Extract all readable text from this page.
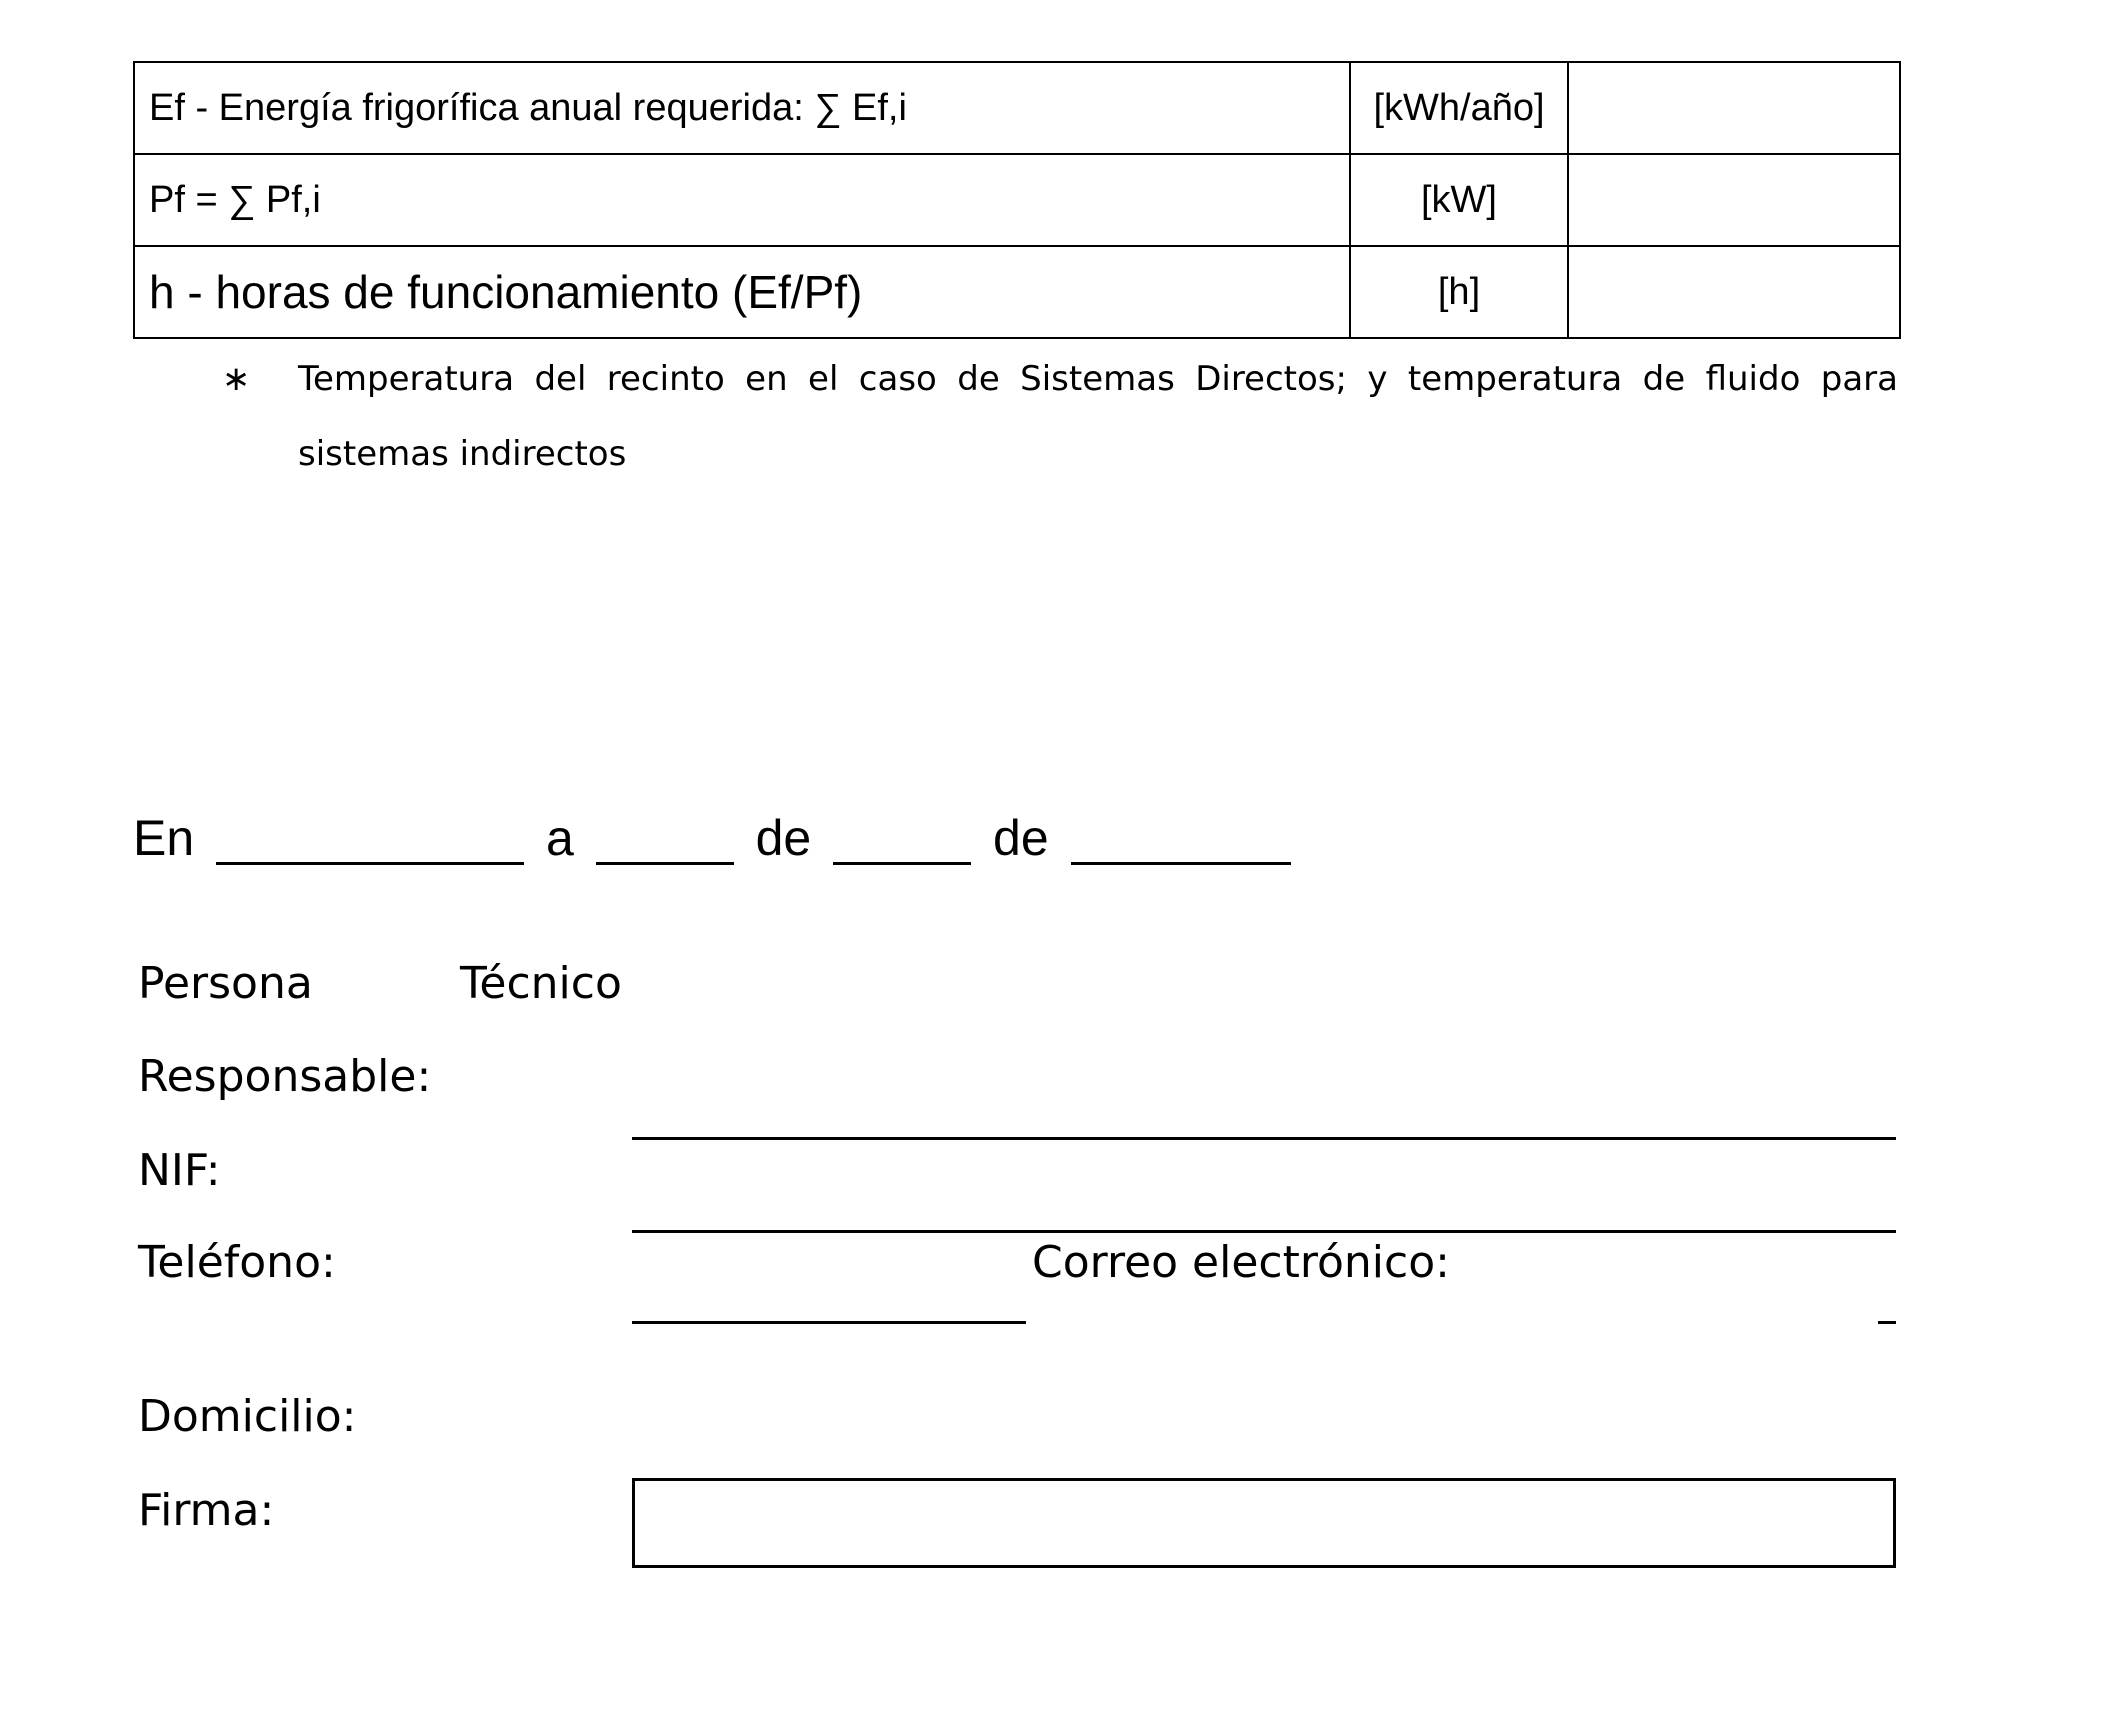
Ef - Energía frigorífica anual requerida: ∑ Ef,i	[kWh/año]	
Pf = ∑ Pf,i	[kW]	
h - horas de funcionamiento (Ef/Pf)	[h]	
∗ Temperatura del recinto en el caso de Sistemas Directos; y temperatura de fluido para sistemas indirectos
En	a	de	de
Persona	Técnico
Responsable:
NIF:
Teléfono:	Correo electrónico:
Domicilio:
Firma:
